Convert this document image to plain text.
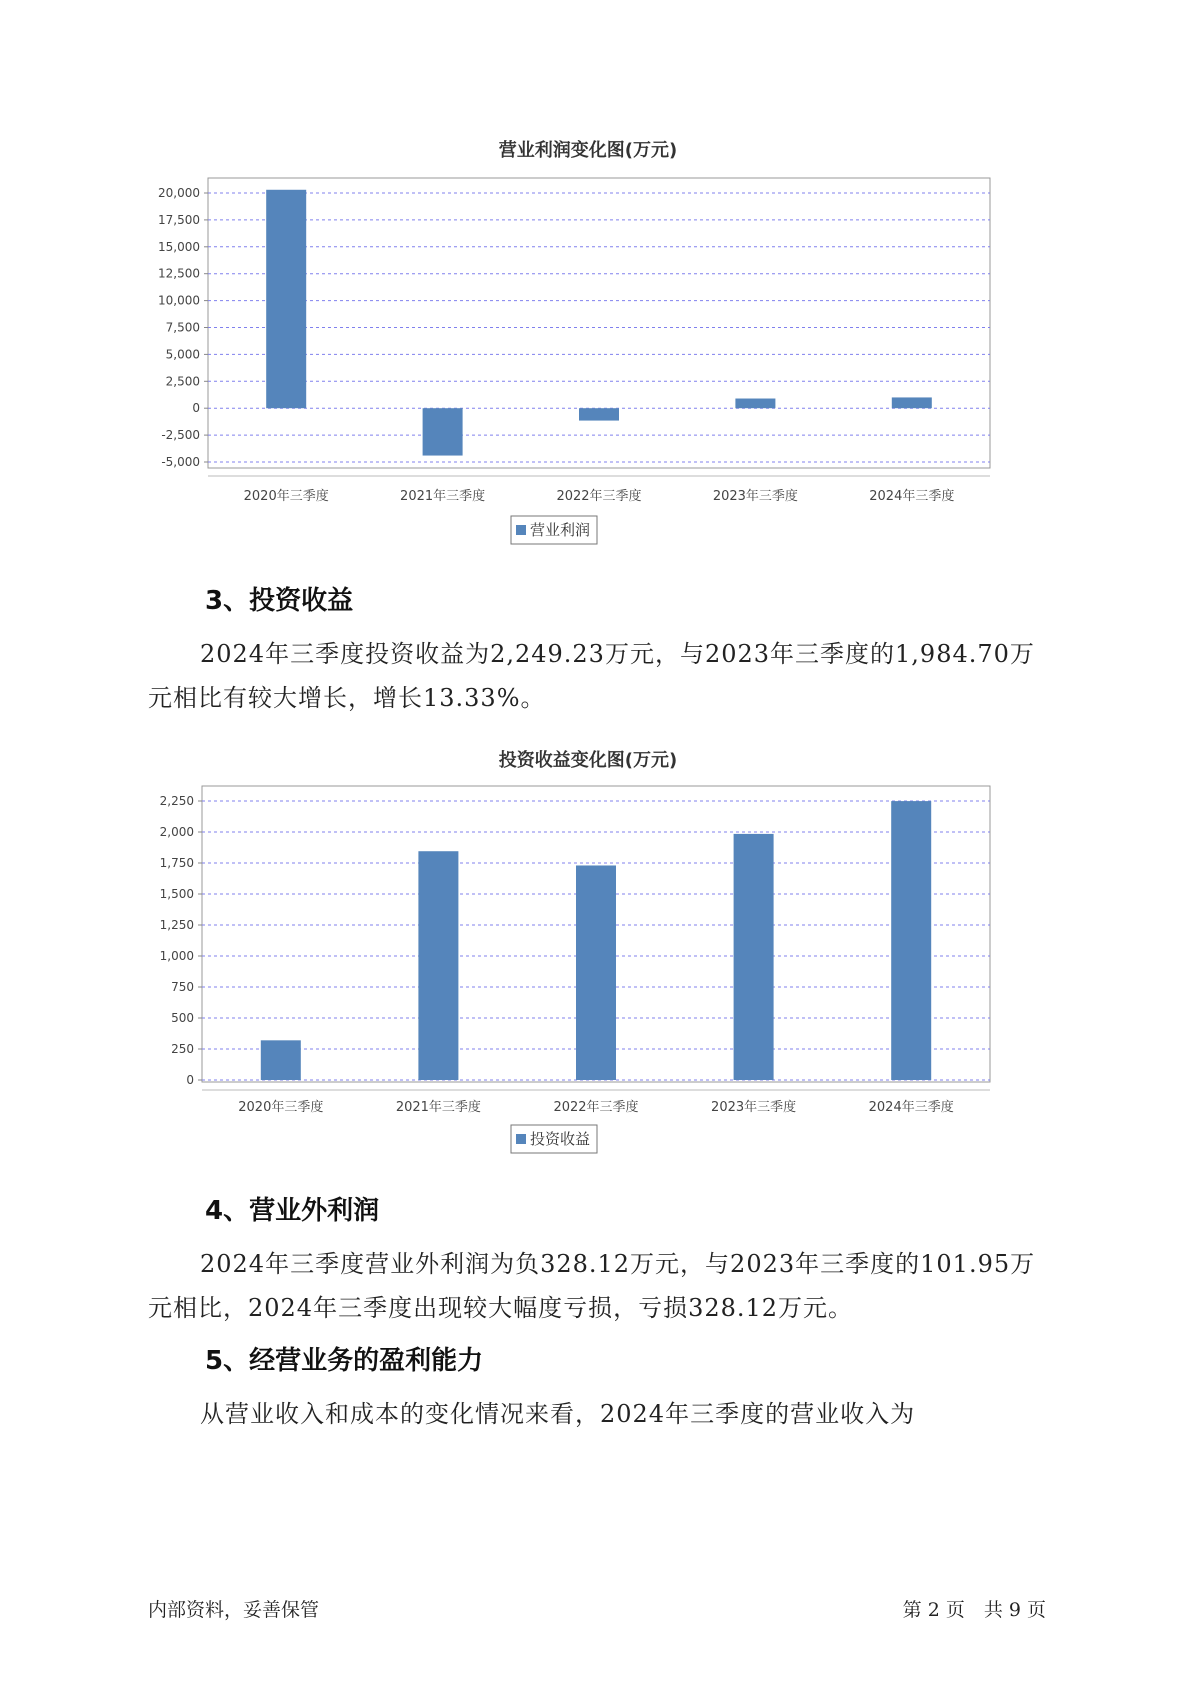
营业利润变化图(万元)
20,000
17,500
15,000
12,500
10,000
7,500
5,000
2,500
0
-2,500
-5,000
2020年三季度	2021年三季度	2022年三季度	2023年三季度	2024年三季度
营业利润
3、投资收益

2024年三季度投资收益为2,249.23万元，与2023年三季度的1,984.70万元相比有较大增长，增长13.33%。

投资收益变化图(万元)
2,250
2,000
1,750
1,500
1,250
1,000
750
500
250
0
2020年三季度	2021年三季度	2022年三季度	2023年三季度	2024年三季度
投资收益
4、营业外利润

2024年三季度营业外利润为负328.12万元，与2023年三季度的101.95万元相比，2024年三季度出现较大幅度亏损，亏损328.12万元。

5、经营业务的盈利能力

从营业收入和成本的变化情况来看，2024年三季度的营业收入为

内部资料，妥善保管	第 2 页　共 9 页
